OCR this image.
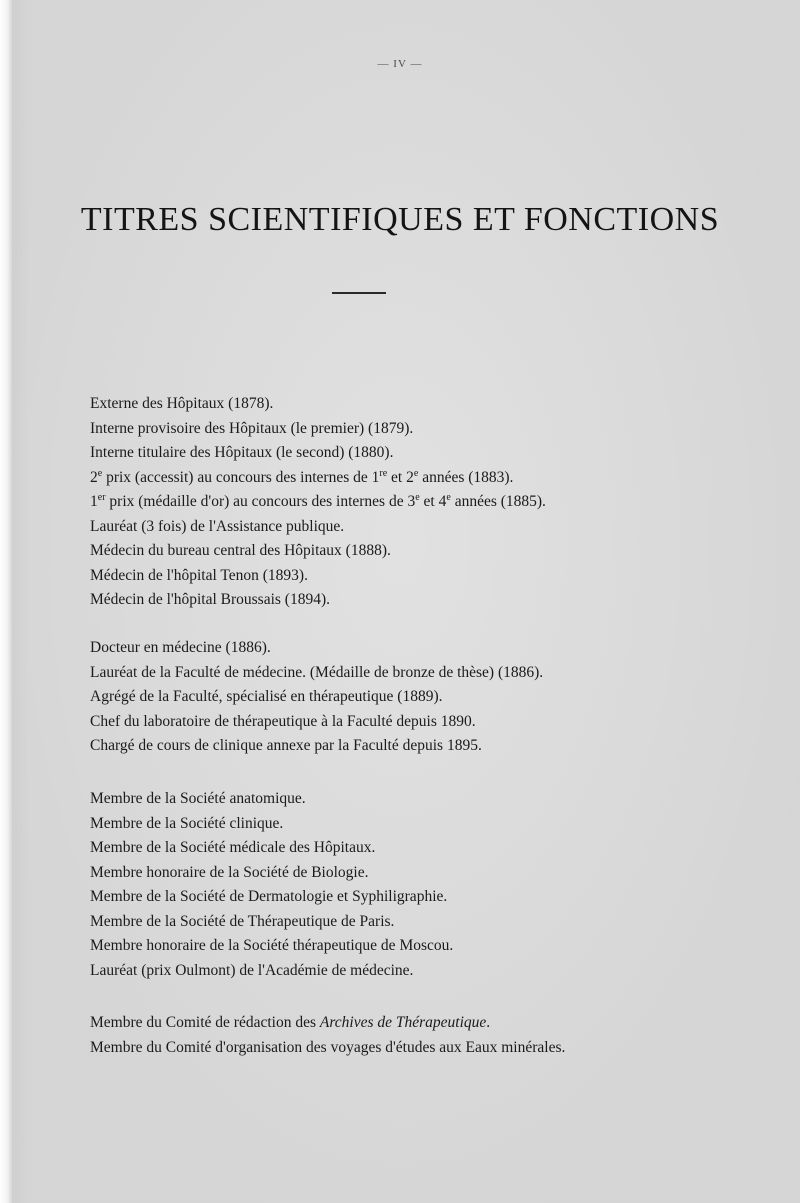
— IV —
TITRES SCIENTIFIQUES ET FONCTIONS
Externe des Hôpitaux (1878).
Interne provisoire des Hôpitaux (le premier) (1879).
Interne titulaire des Hôpitaux (le second) (1880).
2e prix (accessit) au concours des internes de 1re et 2e années (1883).
1er prix (médaille d'or) au concours des internes de 3e et 4e années (1885).
Lauréat (3 fois) de l'Assistance publique.
Médecin du bureau central des Hôpitaux (1888).
Médecin de l'hôpital Tenon (1893).
Médecin de l'hôpital Broussais (1894).
Docteur en médecine (1886).
Lauréat de la Faculté de médecine. (Médaille de bronze de thèse) (1886).
Agrégé de la Faculté, spécialisé en thérapeutique (1889).
Chef du laboratoire de thérapeutique à la Faculté depuis 1890.
Chargé de cours de clinique annexe par la Faculté depuis 1895.
Membre de la Société anatomique.
Membre de la Société clinique.
Membre de la Société médicale des Hôpitaux.
Membre honoraire de la Société de Biologie.
Membre de la Société de Dermatologie et Syphiligraphie.
Membre de la Société de Thérapeutique de Paris.
Membre honoraire de la Société thérapeutique de Moscou.
Lauréat (prix Oulmont) de l'Académie de médecine.
Membre du Comité de rédaction des Archives de Thérapeutique.
Membre du Comité d'organisation des voyages d'études aux Eaux minérales.
